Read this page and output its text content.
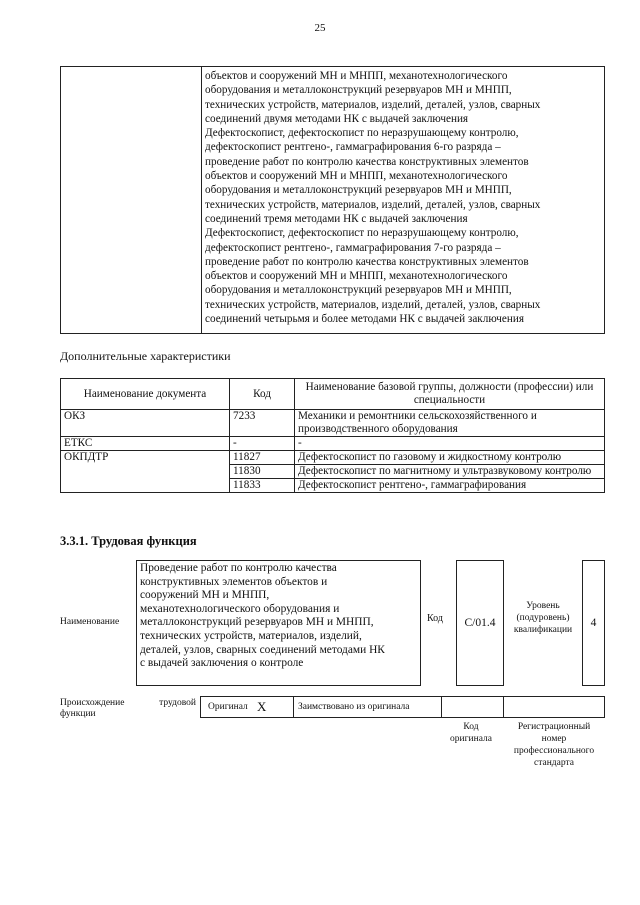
25

объектов и сооружений МН и МНПП, механотехнологического

оборудования и металлоконструкций резервуаров МН и МНПП,

технических устройств, материалов, изделий, деталей, узлов, сварных

соединений двумя методами НК с выдачей заключения

Дефектоскопист, дефектоскопист по неразрушающему контролю,

дефектоскопист рентгено-, гаммаграфирования 6-го разряда –

проведение работ по контролю качества конструктивных элементов

объектов и сооружений МН и МНПП, механотехнологического

оборудования и металлоконструкций резервуаров МН и МНПП,

технических устройств, материалов, изделий, деталей, узлов, сварных

соединений тремя методами НК с выдачей заключения

Дефектоскопист, дефектоскопист по неразрушающему контролю,

дефектоскопист рентгено-, гаммаграфирования 7-го разряда –

проведение работ по контролю качества конструктивных элементов

объектов и сооружений МН и МНПП, механотехнологического

оборудования и металлоконструкций резервуаров МН и МНПП,

технических устройств, материалов, изделий, деталей, узлов, сварных

соединений четырьмя и более методами НК с выдачей заключения

Дополнительные характеристики
Наименование документа	Код	Наименование базовой группы, должности (профессии) или специальности
ОКЗ	7233	Механики и ремонтники сельскохозяйственного и производственного оборудования
ЕТКС	-	-
ОКПДТР	11827	Дефектоскопист по газовому и жидкостному контролю
	11830	Дефектоскопист по магнитному и ультразвуковому контролю
	11833	Дефектоскопист рентгено-, гаммаграфирования
3.3.1. Трудовая функция
Наименование
Проведение работ по контролю качества
конструктивных элементов объектов и
сооружений МН и МНПП,
механотехнологического оборудования и
металлоконструкций резервуаров МН и МНПП,
технических устройств, материалов, изделий,
деталей, узлов, сварных соединений методами НК
с выдачей заключения о контроле
Код	C/01.4
Уровень
(подуровень)
квалификации
4
Происхождение	трудовой
функции
Оригинал X	Заимствовано из оригинала
Код
оригинала
Регистрационный
номер
профессионального
стандарта
